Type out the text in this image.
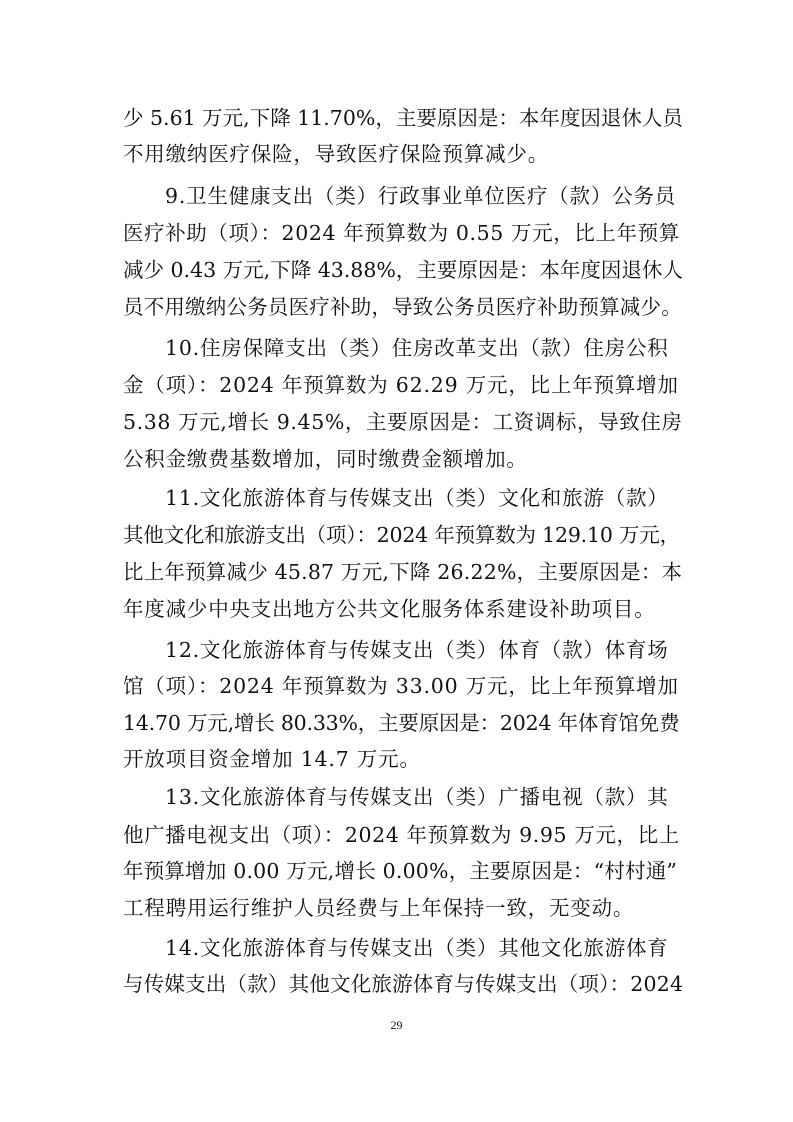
少 5.61 万元,下降 11.70%，主要原因是：本年度因退休人员
不用缴纳医疗保险，导致医疗保险预算减少。
9.卫生健康支出（类）行政事业单位医疗（款）公务员
医疗补助（项）：2024 年预算数为 0.55 万元，比上年预算
减少 0.43 万元,下降 43.88%，主要原因是：本年度因退休人
员不用缴纳公务员医疗补助，导致公务员医疗补助预算减少。
10.住房保障支出（类）住房改革支出（款）住房公积
金（项）：2024 年预算数为 62.29 万元，比上年预算增加
5.38 万元,增长 9.45%，主要原因是：工资调标，导致住房
公积金缴费基数增加，同时缴费金额增加。
11.文化旅游体育与传媒支出（类）文化和旅游（款）
其他文化和旅游支出（项）：2024 年预算数为 129.10 万元，
比上年预算减少 45.87 万元,下降 26.22%，主要原因是：本
年度减少中央支出地方公共文化服务体系建设补助项目。
12.文化旅游体育与传媒支出（类）体育（款）体育场
馆（项）：2024 年预算数为 33.00 万元，比上年预算增加
14.70 万元,增长 80.33%，主要原因是：2024 年体育馆免费
开放项目资金增加 14.7 万元。
13.文化旅游体育与传媒支出（类）广播电视（款）其
他广播电视支出（项）：2024 年预算数为 9.95 万元，比上
年预算增加 0.00 万元,增长 0.00%，主要原因是：“村村通”
工程聘用运行维护人员经费与上年保持一致，无变动。
14.文化旅游体育与传媒支出（类）其他文化旅游体育
与传媒支出（款）其他文化旅游体育与传媒支出（项）：2024
29
